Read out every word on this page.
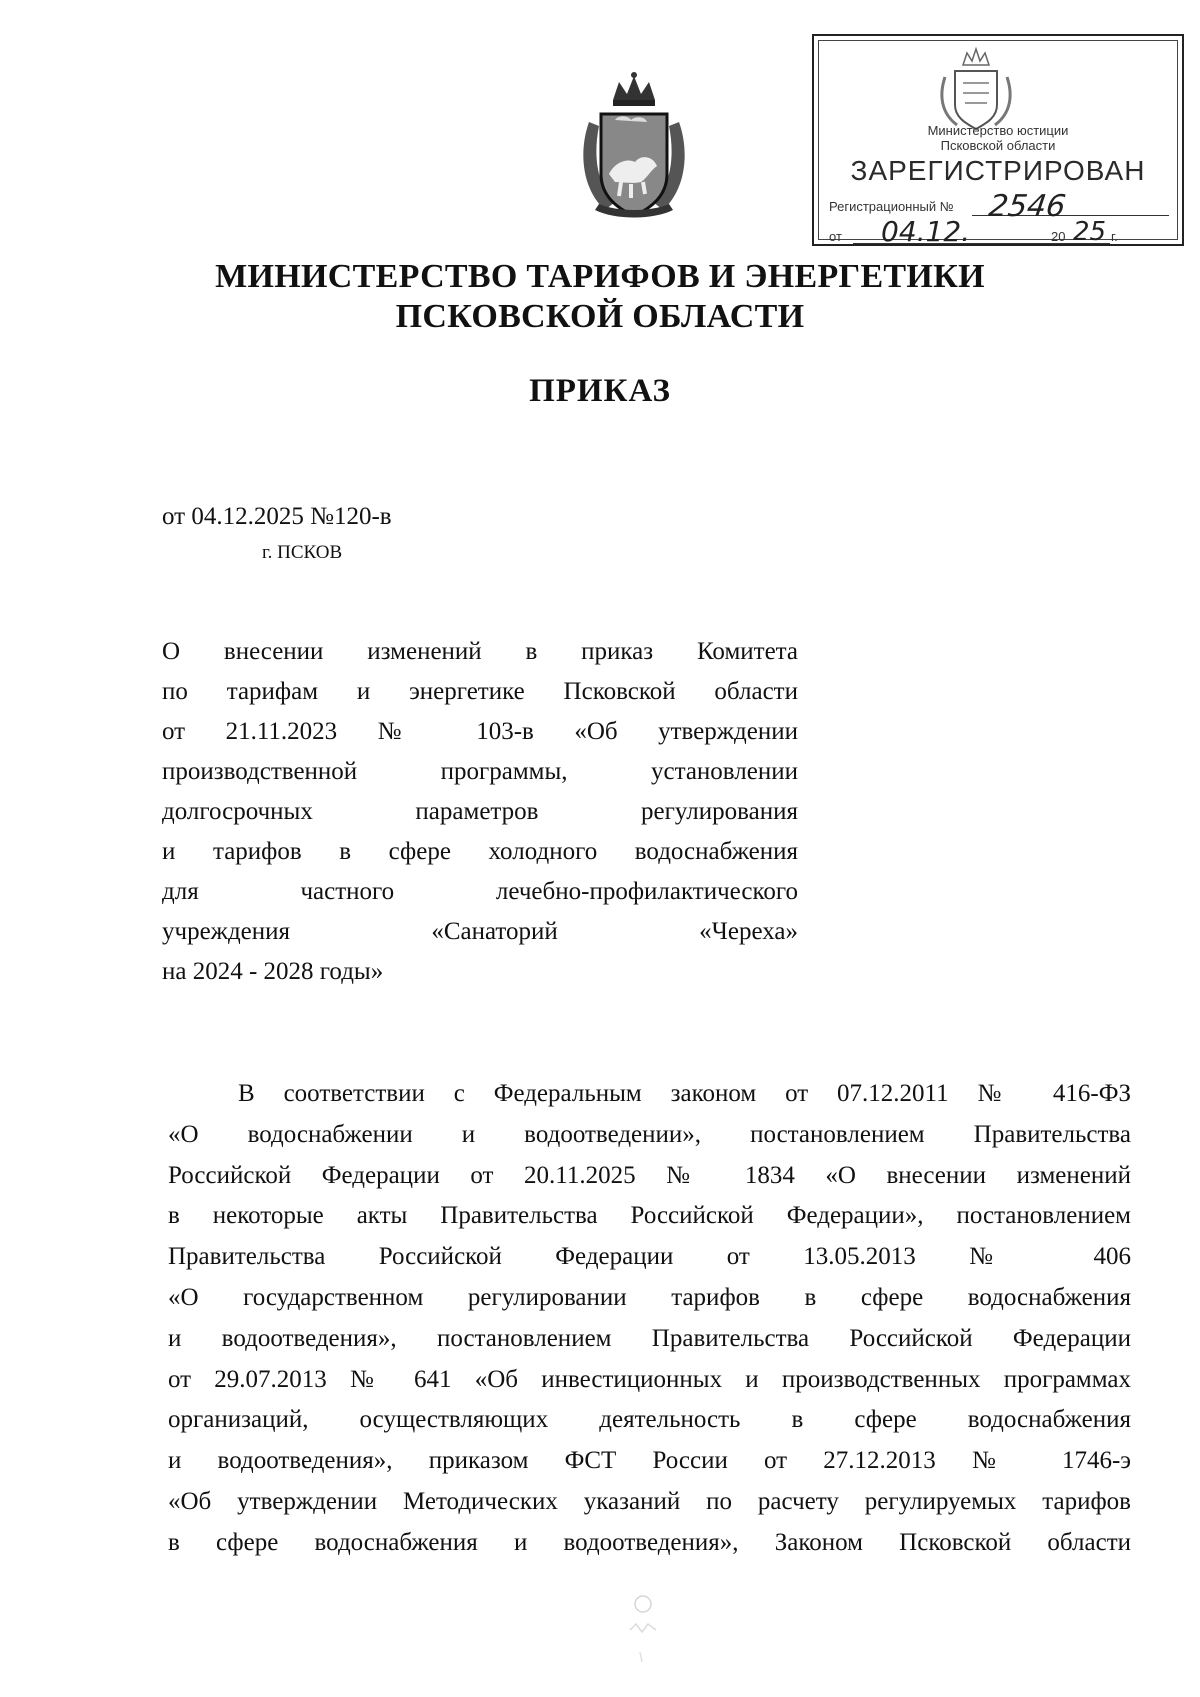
Министерство юстиции
Псковской области
ЗАРЕГИСТРИРОВАН
Регистрационный № 2546
от 04.12.	20 25 г.
МИНИСТЕРСТВО ТАРИФОВ И ЭНЕРГЕТИКИ
ПСКОВСКОЙ ОБЛАСТИ
ПРИКАЗ
от 04.12.2025 №120-в
г. ПСКОВ
О внесении изменений в приказ Комитета
по тарифам и энергетике Псковской области
от 21.11.2023 № 103-в «Об утверждении
производственной программы, установлении
долгосрочных параметров регулирования
и тарифов в сфере холодного водоснабжения
для частного лечебно-профилактического
учреждения «Санаторий «Череха»
на 2024 - 2028 годы»
В соответствии с Федеральным законом от 07.12.2011 № 416-ФЗ
«О водоснабжении и водоотведении», постановлением Правительства
Российской Федерации от 20.11.2025 № 1834 «О внесении изменений
в некоторые акты Правительства Российской Федерации», постановлением
Правительства Российской Федерации от 13.05.2013 № 406
«О государственном регулировании тарифов в сфере водоснабжения
и водоотведения», постановлением Правительства Российской Федерации
от 29.07.2013 № 641 «Об инвестиционных и производственных программах
организаций, осуществляющих деятельность в сфере водоснабжения
и водоотведения», приказом ФСТ России от 27.12.2013 № 1746-э
«Об утверждении Методических указаний по расчету регулируемых тарифов
в сфере водоснабжения и водоотведения», Законом Псковской области
